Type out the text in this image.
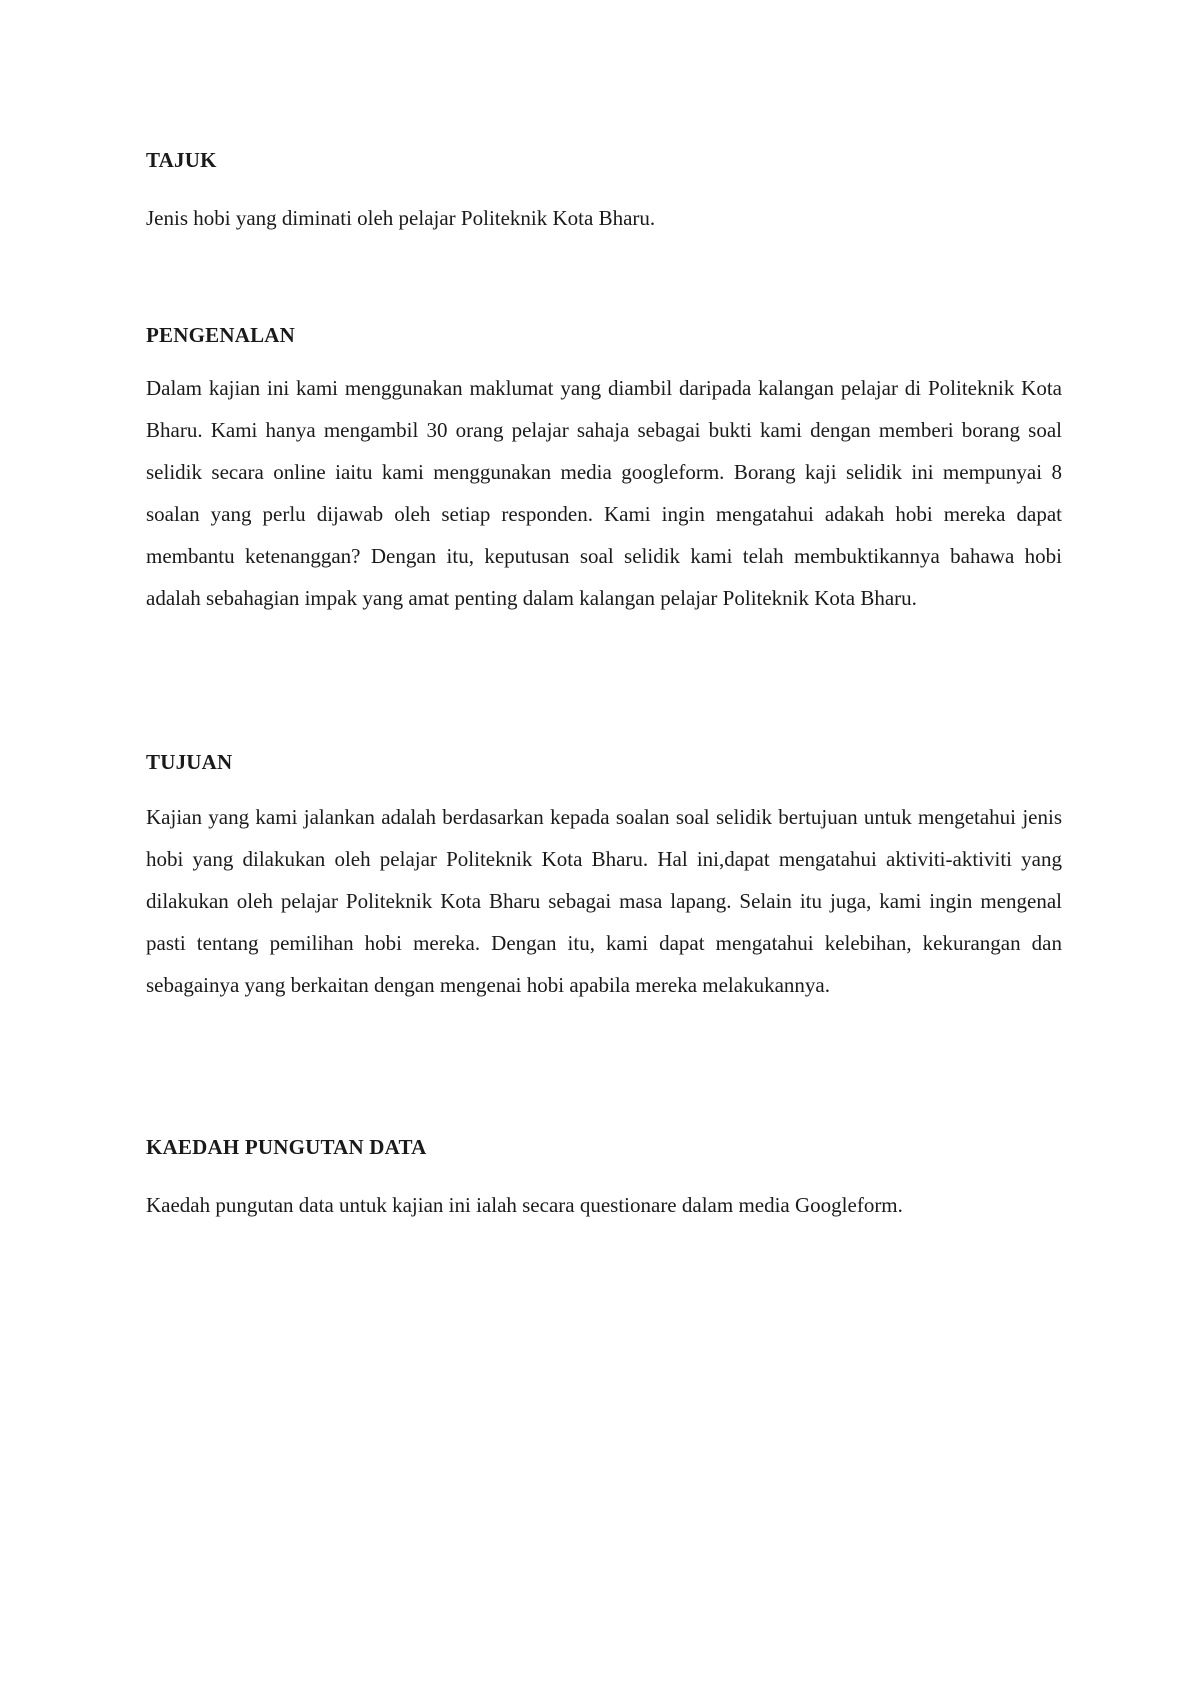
TAJUK

Jenis hobi yang diminati oleh pelajar Politeknik Kota Bharu.

PENGENALAN

Dalam kajian ini kami menggunakan maklumat yang diambil daripada kalangan pelajar di Politeknik Kota Bharu. Kami hanya mengambil 30 orang pelajar sahaja sebagai bukti kami dengan memberi borang soal selidik secara online iaitu kami menggunakan media googleform. Borang kaji selidik ini mempunyai 8 soalan yang perlu dijawab oleh setiap responden. Kami ingin mengatahui adakah hobi mereka dapat membantu ketenanggan? Dengan itu, keputusan soal selidik kami telah membuktikannya bahawa hobi adalah sebahagian impak yang amat penting dalam kalangan pelajar Politeknik Kota Bharu.

TUJUAN

Kajian yang kami jalankan adalah berdasarkan kepada soalan soal selidik bertujuan untuk mengetahui jenis hobi yang dilakukan oleh pelajar Politeknik Kota Bharu. Hal ini,dapat mengatahui aktiviti-aktiviti yang dilakukan oleh pelajar Politeknik Kota Bharu sebagai masa lapang. Selain itu juga, kami ingin mengenal pasti tentang pemilihan hobi mereka. Dengan itu, kami dapat mengatahui kelebihan, kekurangan dan sebagainya yang berkaitan dengan mengenai hobi apabila mereka melakukannya.

KAEDAH PUNGUTAN DATA

Kaedah pungutan data untuk kajian ini ialah secara questionare dalam media Googleform.
